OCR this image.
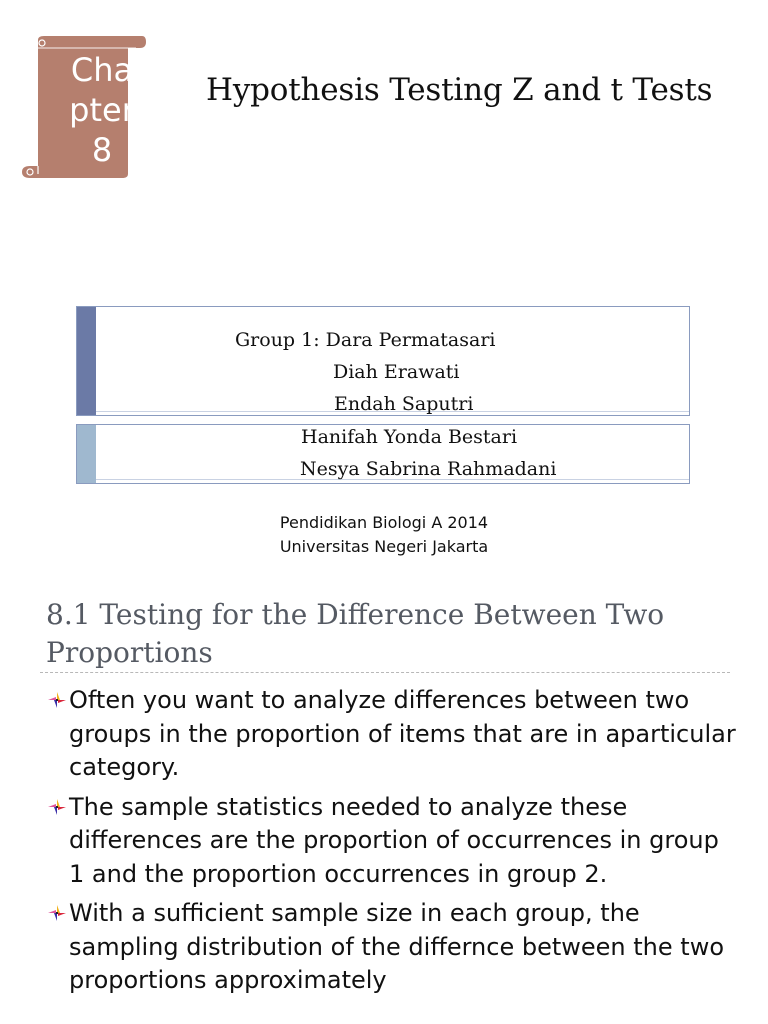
Cha
pter
8
Hypothesis Testing Z and t Tests
Group 1: Dara Permatasari
Diah Erawati
Endah Saputri
Hanifah Yonda Bestari
Nesya Sabrina Rahmadani
Pendidikan Biologi A 2014
Universitas Negeri Jakarta
8.1 Testing for the Difference Between Two Proportions
Often you want to analyze differences between two groups in the proportion of items that are in aparticular category.
The sample statistics needed to analyze these differences are the proportion of occurrences in group 1 and the proportion occurrences in group 2.
With a sufficient sample size in each group, the sampling distribution of the differnce between the two proportions approximately
